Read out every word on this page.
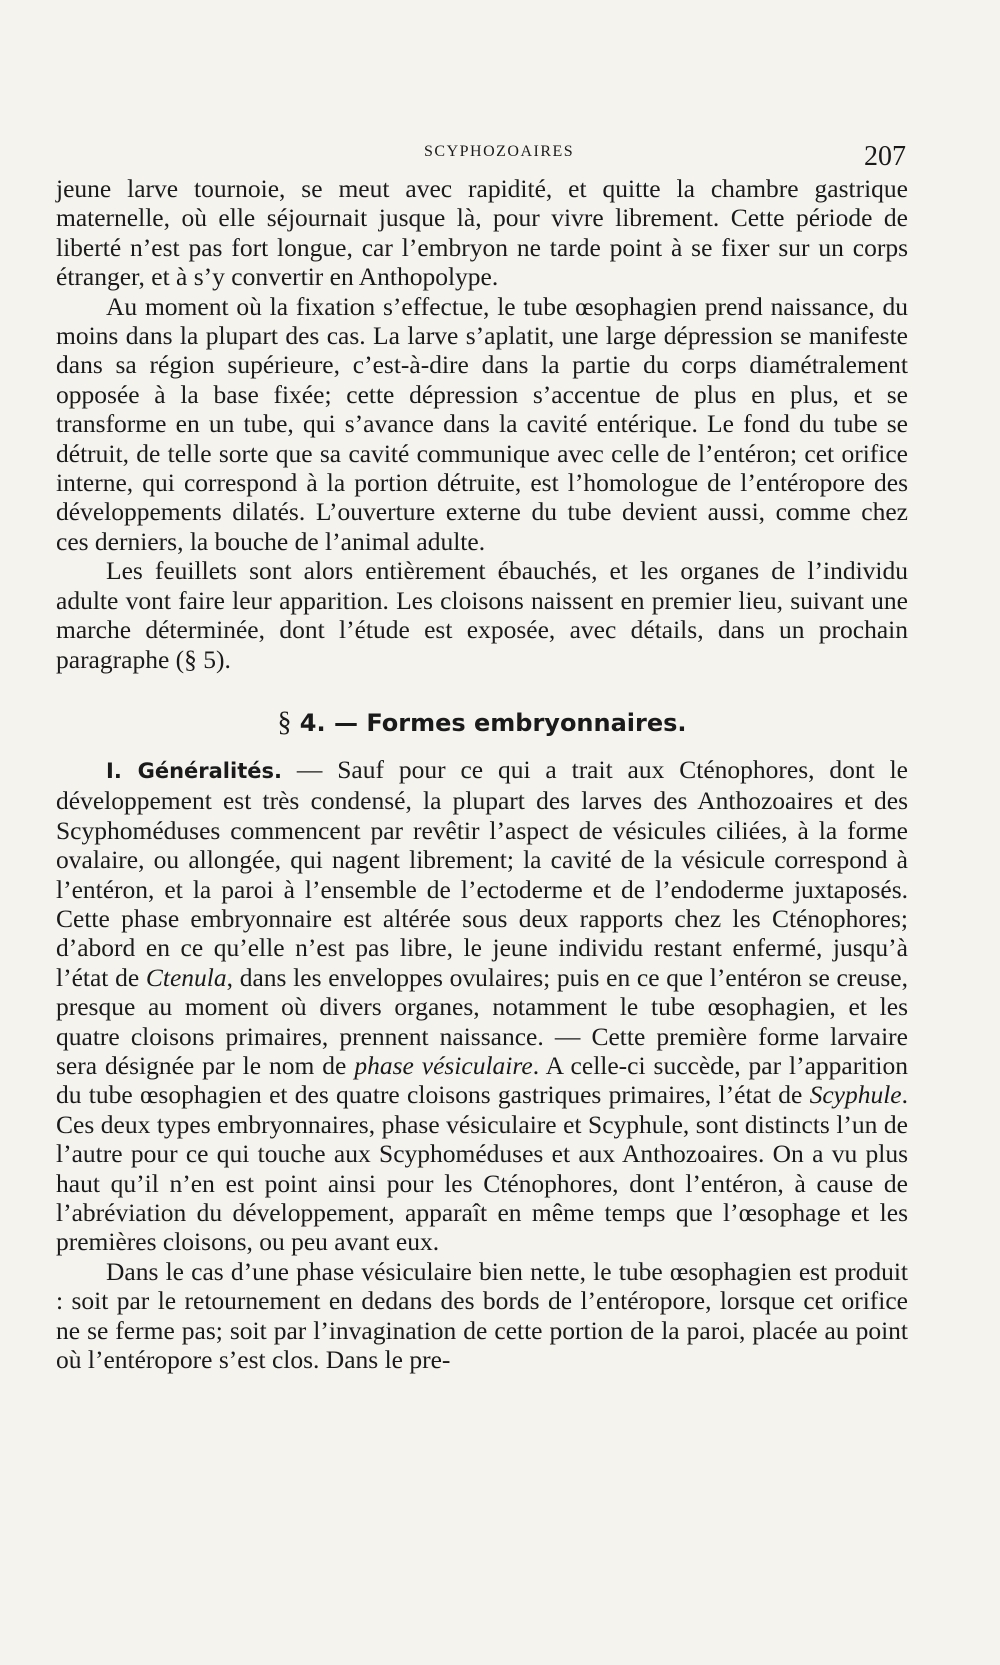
SCYPHOZOAIRES	207

jeune larve tournoie, se meut avec rapidité, et quitte la chambre gastrique maternelle, où elle séjournait jusque là, pour vivre librement. Cette période de liberté n’est pas fort longue, car l’embryon ne tarde point à se fixer sur un corps étranger, et à s’y convertir en Anthopolype.

Au moment où la fixation s’effectue, le tube œsophagien prend naissance, du moins dans la plupart des cas. La larve s’aplatit, une large dépression se manifeste dans sa région supérieure, c’est-à-dire dans la partie du corps diamétralement opposée à la base fixée; cette dépression s’accentue de plus en plus, et se transforme en un tube, qui s’avance dans la cavité entérique. Le fond du tube se détruit, de telle sorte que sa cavité communique avec celle de l’entéron; cet orifice interne, qui correspond à la portion détruite, est l’homologue de l’entéropore des développements dilatés. L’ouverture externe du tube devient aussi, comme chez ces derniers, la bouche de l’animal adulte.

Les feuillets sont alors entièrement ébauchés, et les organes de l’individu adulte vont faire leur apparition. Les cloisons naissent en premier lieu, suivant une marche déterminée, dont l’étude est exposée, avec détails, dans un prochain paragraphe (§ 5).

§ 4. — Formes embryonnaires.

I. Généralités. — Sauf pour ce qui a trait aux Cténophores, dont le développement est très condensé, la plupart des larves des Anthozoaires et des Scyphoméduses commencent par revêtir l’aspect de vésicules ciliées, à la forme ovalaire, ou allongée, qui nagent librement; la cavité de la vésicule correspond à l’entéron, et la paroi à l’ensemble de l’ectoderme et de l’endoderme juxtaposés. Cette phase embryonnaire est altérée sous deux rapports chez les Cténophores; d’abord en ce qu’elle n’est pas libre, le jeune individu restant enfermé, jusqu’à l’état de Ctenula, dans les enveloppes ovulaires; puis en ce que l’entéron se creuse, presque au moment où divers organes, notamment le tube œsophagien, et les quatre cloisons primaires, prennent naissance. — Cette première forme larvaire sera désignée par le nom de phase vésiculaire. A celle-ci succède, par l’apparition du tube œsophagien et des quatre cloisons gastriques primaires, l’état de Scyphule. Ces deux types embryonnaires, phase vésiculaire et Scyphule, sont distincts l’un de l’autre pour ce qui touche aux Scyphoméduses et aux Anthozoaires. On a vu plus haut qu’il n’en est point ainsi pour les Cténophores, dont l’entéron, à cause de l’abréviation du développement, apparaît en même temps que l’œsophage et les premières cloisons, ou peu avant eux.

Dans le cas d’une phase vésiculaire bien nette, le tube œsophagien est produit : soit par le retournement en dedans des bords de l’entéropore, lorsque cet orifice ne se ferme pas; soit par l’invagination de cette portion de la paroi, placée au point où l’entéropore s’est clos. Dans le pre-
